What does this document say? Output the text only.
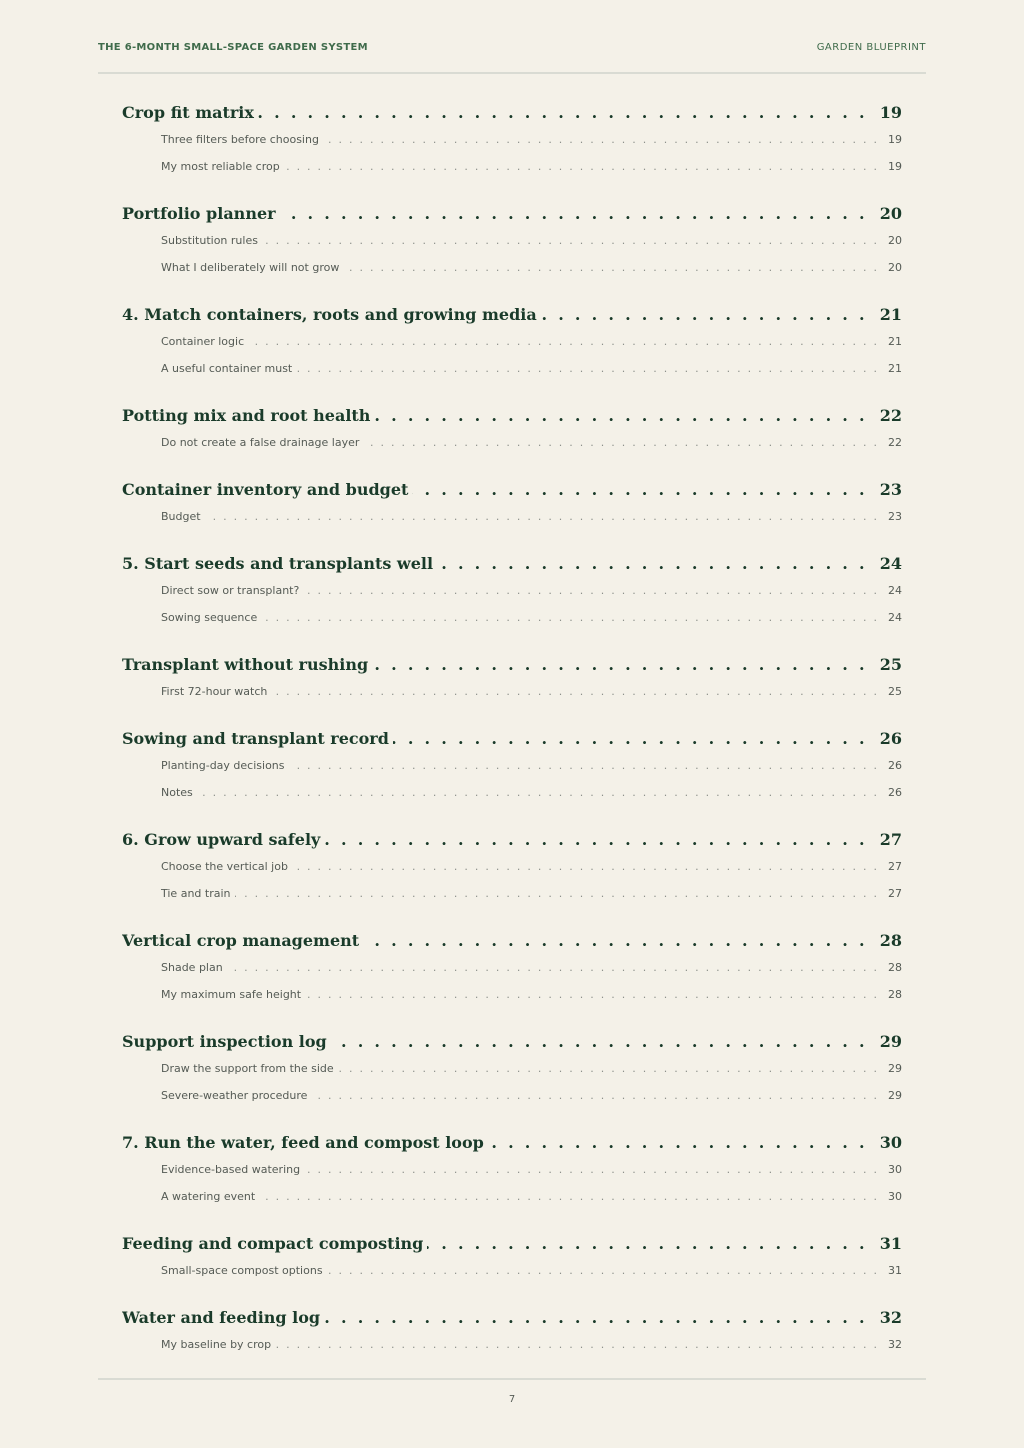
THE 6-MONTH SMALL-SPACE GARDEN SYSTEM	GARDEN BLUEPRINT
Crop fit matrix .  .	19
Three filters before choosing .  .	19
My most reliable crop .  .	19
Portfolio planner .  .	20
Substitution rules .  .	20
What I deliberately will not grow .  .	20
4. Match containers, roots and growing media .  .	21
Container logic .  .	21
A useful container must .  .	21
Potting mix and root health .  .	22
Do not create a false drainage layer .  .	22
Container inventory and budget .  .	23
Budget .  .	23
5. Start seeds and transplants well .  .	24
Direct sow or transplant? .  .	24
Sowing sequence .  .	24
Transplant without rushing .  .	25
First 72-hour watch .  .	25
Sowing and transplant record .  .	26
Planting-day decisions .  .	26
Notes .  .	26
6. Grow upward safely .  .	27
Choose the vertical job .  .	27
Tie and train .  .	27
Vertical crop management .  .	28
Shade plan .  .	28
My maximum safe height .  .	28
Support inspection log .  .	29
Draw the support from the side .  .	29
Severe-weather procedure .  .	29
7. Run the water, feed and compost loop .  .	30
Evidence-based watering .  .	30
A watering event .  .	30
Feeding and compact composting .  .	31
Small-space compost options .  .	31
Water and feeding log .  .	32
My baseline by crop .  .	32
7
